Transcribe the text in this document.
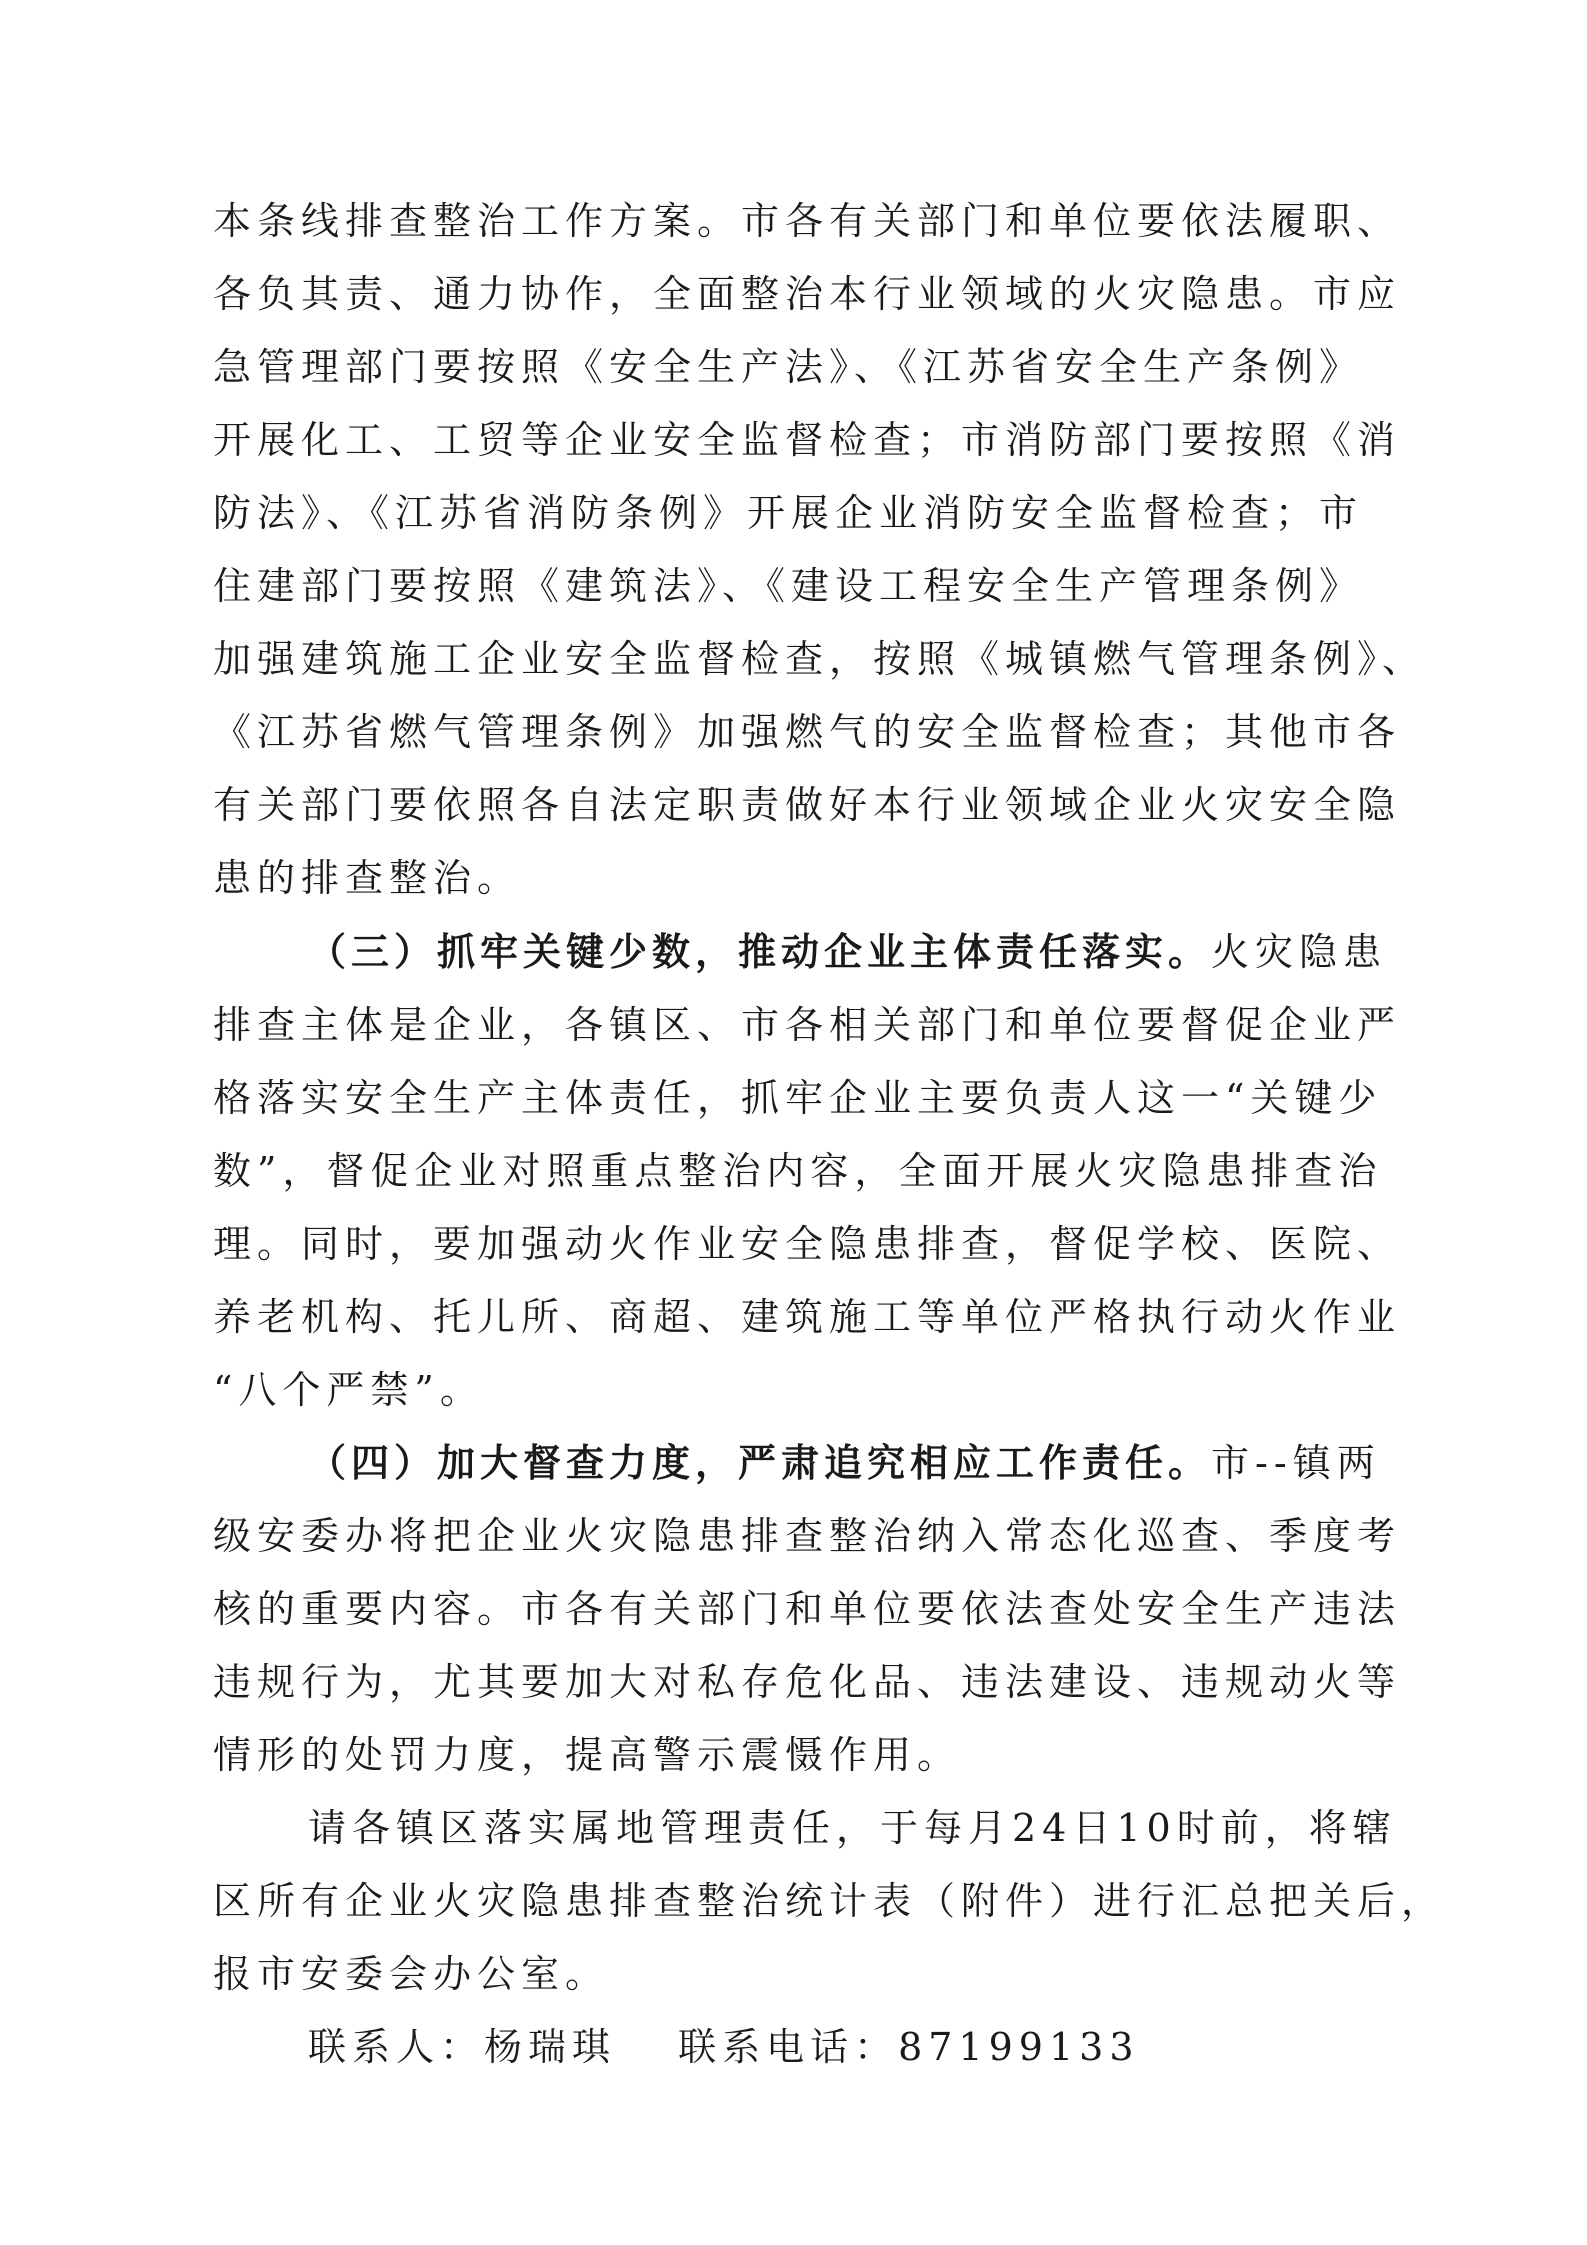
本条线排查整治工作方案。市各有关部门和单位要依法履职、
各负其责、通力协作，全面整治本行业领域的火灾隐患。市应
急管理部门要按照《安全生产法》、《江苏省安全生产条例》
开展化工、工贸等企业安全监督检查；市消防部门要按照《消
防法》、《江苏省消防条例》开展企业消防安全监督检查；市
住建部门要按照《建筑法》、《建设工程安全生产管理条例》
加强建筑施工企业安全监督检查，按照《城镇燃气管理条例》、
《江苏省燃气管理条例》加强燃气的安全监督检查；其他市各
有关部门要依照各自法定职责做好本行业领域企业火灾安全隐
患的排查整治。
（三）抓牢关键少数，推动企业主体责任落实。火灾隐患
排查主体是企业，各镇区、市各相关部门和单位要督促企业严
格落实安全生产主体责任，抓牢企业主要负责人这一“关键少
数”，督促企业对照重点整治内容，全面开展火灾隐患排查治
理。同时，要加强动火作业安全隐患排查，督促学校、医院、
养老机构、托儿所、商超、建筑施工等单位严格执行动火作业
“八个严禁”。
（四）加大督查力度，严肃追究相应工作责任。市--镇两
级安委办将把企业火灾隐患排查整治纳入常态化巡查、季度考
核的重要内容。市各有关部门和单位要依法查处安全生产违法
违规行为，尤其要加大对私存危化品、违法建设、违规动火等
情形的处罚力度，提高警示震慑作用。
请各镇区落实属地管理责任，于每月24日10时前，将辖
区所有企业火灾隐患排查整治统计表（附件）进行汇总把关后，
报市安委会办公室。
联系人：杨瑞琪　 联系电话：87199133
